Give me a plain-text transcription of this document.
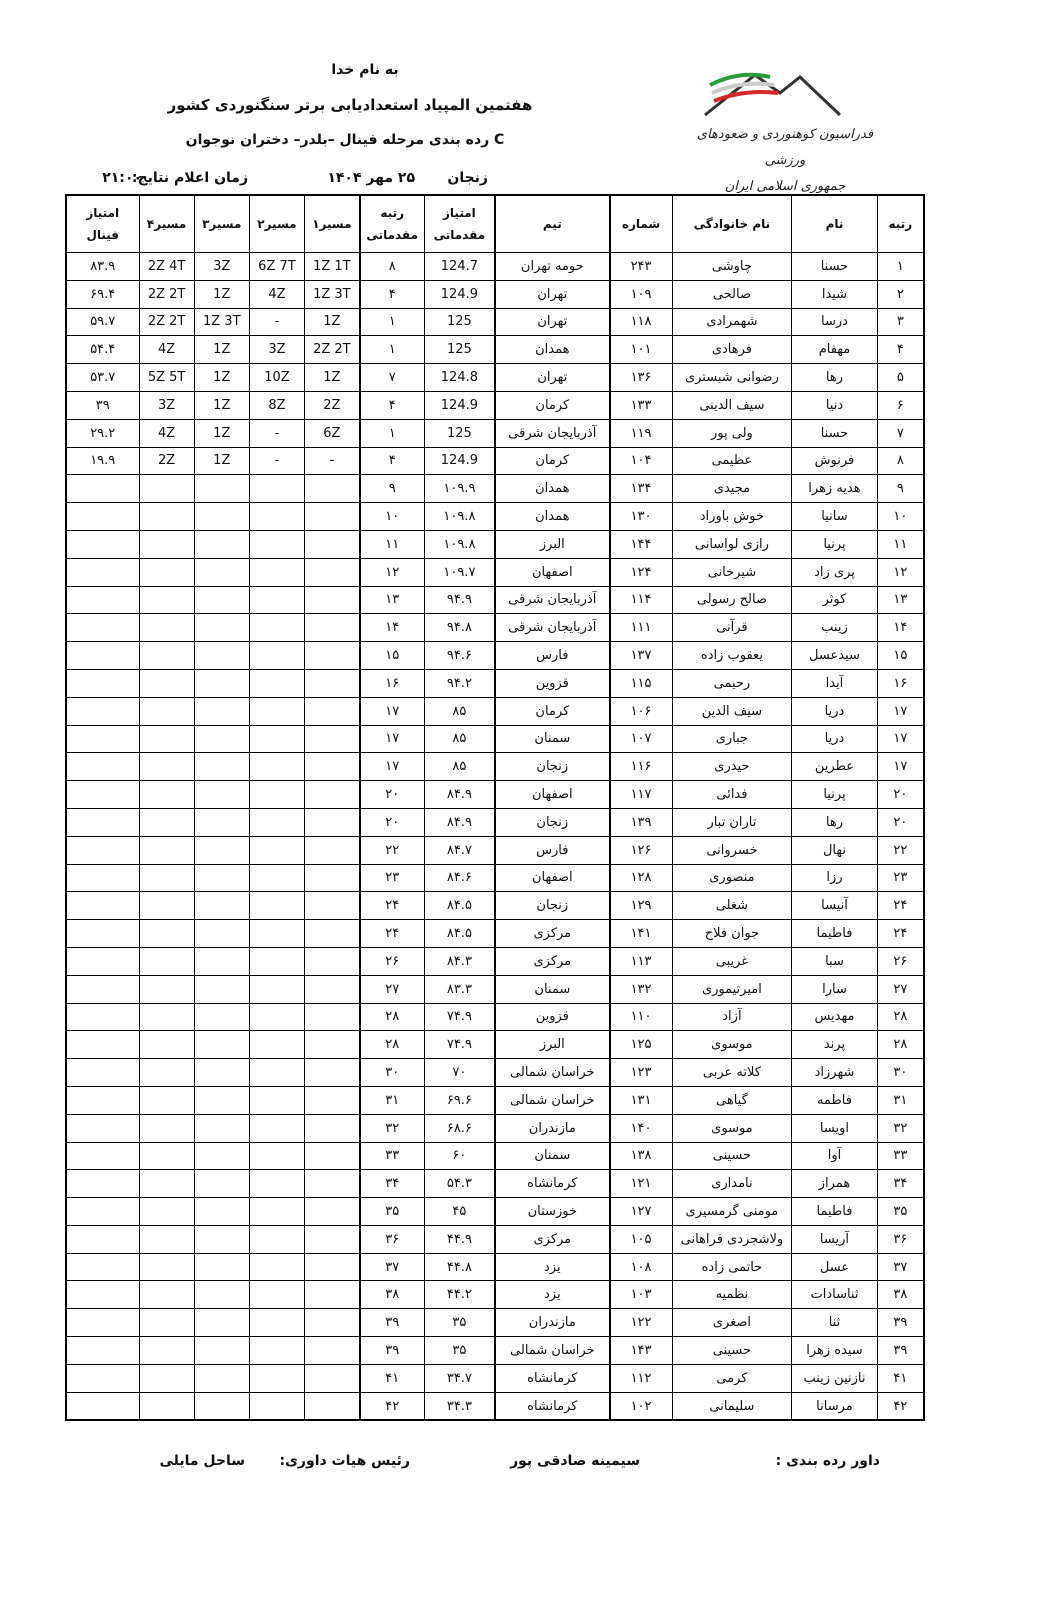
به نام خدا
هفتمین المپیاد استعدادیابی برتر سنگنوردی کشور
رده بندی مرحله فینال –بلدر– دختران نوجوان C
زنجان
۲۵ مهر ۱۴۰۴
زمان اعلام نتایج:
۲۱:۰۰
فدراسیون کوهنوردی و صعودهای ورزشی
جمهوری اسلامی ایران
رتبه	نام	نام خانوادگی	شماره	تیم	امتیاز مقدماتی	رتبه مقدماتی	مسیر۱	مسیر۲	مسیر۳	مسیر۴	امتیاز فینال
۱	حسنا	چاوشی	۲۴۳	حومه تهران	124.7	۸	1Z 1T	6Z 7T	3Z	2Z 4T	۸۳.۹
۲	شیدا	صالحی	۱۰۹	تهران	124.9	۴	1Z 3T	4Z	1Z	2Z 2T	۶۹.۴
۳	درسا	شهمرادی	۱۱۸	تهران	125	۱	1Z	-	1Z 3T	2Z 2T	۵۹.۷
۴	مهفام	فرهادی	۱۰۱	همدان	125	۱	2Z 2T	3Z	1Z	4Z	۵۴.۴
۵	رها	رضوانی شبستری	۱۳۶	تهران	124.8	۷	1Z	10Z	1Z	5Z 5T	۵۳.۷
۶	دنیا	سیف الدینی	۱۳۳	کرمان	124.9	۴	2Z	8Z	1Z	3Z	۳۹
۷	حسنا	ولی پور	۱۱۹	آذربایجان شرقی	125	۱	6Z	-	1Z	4Z	۲۹.۲
۸	فرنوش	عظیمی	۱۰۴	کرمان	124.9	۴	-	-	1Z	2Z	۱۹.۹
۹	هدیه زهرا	مجیدی	۱۳۴	همدان	۱۰۹.۹	۹					
۱۰	سانیا	خوش باوراد	۱۳۰	همدان	۱۰۹.۸	۱۰					
۱۱	پرنیا	رازی لواسانی	۱۴۴	البرز	۱۰۹.۸	۱۱					
۱۲	پری زاد	شیرخانی	۱۲۴	اصفهان	۱۰۹.۷	۱۲					
۱۳	کوثر	صالح رسولی	۱۱۴	آذربایجان شرقی	۹۴.۹	۱۳					
۱۴	زینب	قرآنی	۱۱۱	آذربایجان شرقی	۹۴.۸	۱۴					
۱۵	سیدعسل	یعقوب زاده	۱۳۷	فارس	۹۴.۶	۱۵					
۱۶	آیدا	رحیمی	۱۱۵	قزوین	۹۴.۲	۱۶					
۱۷	دریا	سیف الدین	۱۰۶	کرمان	۸۵	۱۷					
۱۷	دریا	جباری	۱۰۷	سمنان	۸۵	۱۷					
۱۷	عطرین	حیدری	۱۱۶	زنجان	۸۵	۱۷					
۲۰	پرنیا	فدائی	۱۱۷	اصفهان	۸۴.۹	۲۰					
۲۰	رها	تاران تبار	۱۳۹	زنجان	۸۴.۹	۲۰					
۲۲	نهال	خسروانی	۱۲۶	فارس	۸۴.۷	۲۲					
۲۳	رزا	منصوری	۱۲۸	اصفهان	۸۴.۶	۲۳					
۲۴	آنیسا	شغلی	۱۲۹	زنجان	۸۴.۵	۲۴					
۲۴	فاطیما	جوان فلاح	۱۴۱	مرکزی	۸۴.۵	۲۴					
۲۶	سبا	غریبی	۱۱۳	مرکزی	۸۴.۳	۲۶					
۲۷	سارا	امیرتیموری	۱۳۲	سمنان	۸۳.۳	۲۷					
۲۸	مهدیس	آزاد	۱۱۰	قزوین	۷۴.۹	۲۸					
۲۸	پرند	موسوی	۱۲۵	البرز	۷۴.۹	۲۸					
۳۰	شهرزاد	کلاته عربی	۱۲۳	خراسان شمالی	۷۰	۳۰					
۳۱	فاطمه	گیاهی	۱۳۱	خراسان شمالی	۶۹.۶	۳۱					
۳۲	اویسا	موسوی	۱۴۰	مازندران	۶۸.۶	۳۲					
۳۳	آوا	حسینی	۱۳۸	سمنان	۶۰	۳۳					
۳۴	همراز	نامداری	۱۲۱	کرمانشاه	۵۴.۳	۳۴					
۳۵	فاطیما	مومنی گرمسیری	۱۲۷	خوزستان	۴۵	۳۵					
۳۶	آریسا	ولاشجردی فراهانی	۱۰۵	مرکزی	۴۴.۹	۳۶					
۳۷	عسل	حاتمی زاده	۱۰۸	یزد	۴۴.۸	۳۷					
۳۸	ثناسادات	نظمیه	۱۰۳	یزد	۴۴.۲	۳۸					
۳۹	ثنا	اصغری	۱۲۲	مازندران	۳۵	۳۹					
۳۹	سیده زهرا	حسینی	۱۴۳	خراسان شمالی	۳۵	۳۹					
۴۱	نازنین زینب	کرمی	۱۱۲	کرمانشاه	۳۴.۷	۴۱					
۴۲	مرسانا	سلیمانی	۱۰۲	کرمانشاه	۳۴.۳	۴۲					
داور رده بندی :
سیمینه صادقی پور
رئیس هیات داوری:
ساحل مایلی
